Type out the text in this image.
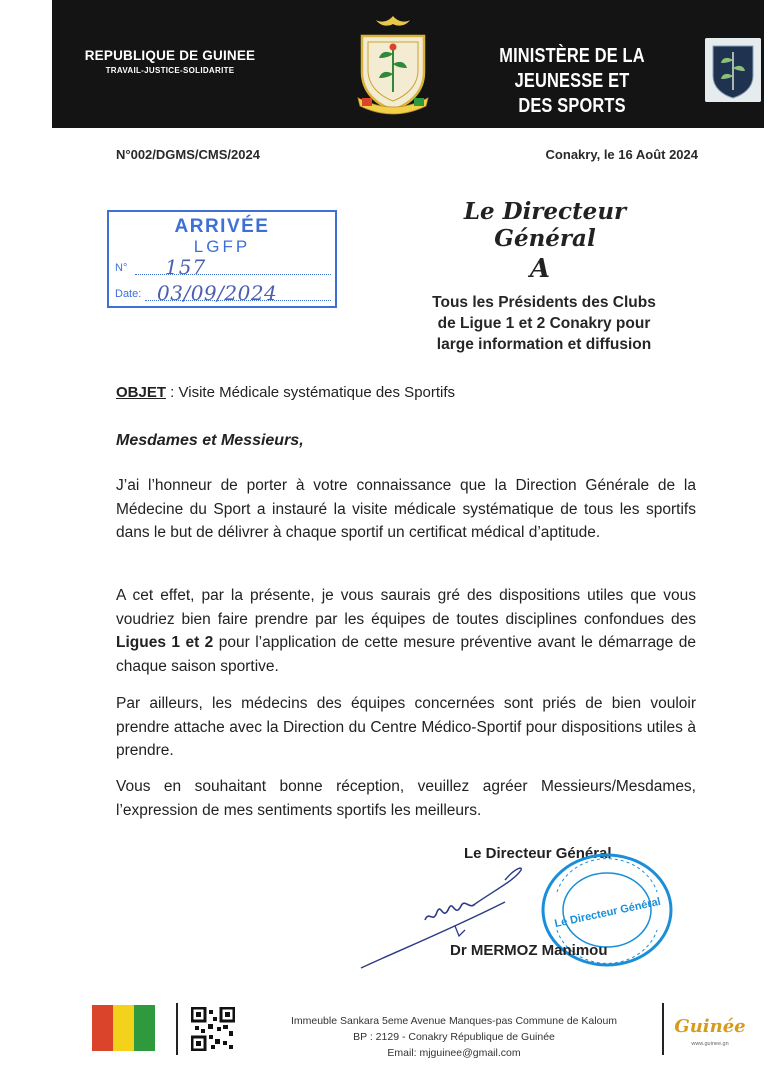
REPUBLIQUE DE GUINEE
TRAVAIL-JUSTICE-SOLIDARITE
MINISTÈRE DE LA JEUNESSE ET
DES SPORTS
N°002/DGMS/CMS/2024	Conakry, le 16 Août 2024
ARRIVÉE
LGFP
N° 157
Date: 03/09/2024
Le Directeur Général
A
Tous les Présidents des Clubs
de Ligue 1 et 2 Conakry pour
large information et diffusion
OBJET : Visite Médicale systématique des Sportifs
Mesdames et Messieurs,
J’ai l’honneur de porter à votre connaissance que la Direction Générale de la Médecine du Sport a instauré la visite médicale systématique de tous les sportifs dans le but de délivrer à chaque sportif un certificat médical d’aptitude.
A cet effet, par la présente, je vous saurais gré des dispositions utiles que vous voudriez bien faire prendre par les équipes de toutes disciplines confondues des Ligues 1 et 2 pour l’application de cette mesure préventive avant le démarrage de chaque saison sportive.
Par ailleurs, les médecins des équipes concernées sont priés de bien vouloir prendre attache avec la Direction du Centre Médico-Sportif pour dispositions utiles à prendre.
Vous en souhaitant bonne réception, veuillez agréer Messieurs/Mesdames, l’expression de mes sentiments sportifs les meilleurs.
Le Directeur Général
Le Directeur Général
Dr MERMOZ Manimou
Immeuble Sankara 5eme Avenue Manques-pas Commune de Kaloum
BP : 2129 - Conakry République de Guinée
Email: mjguinee@gmail.com
Guinée
www.guinee.gn
